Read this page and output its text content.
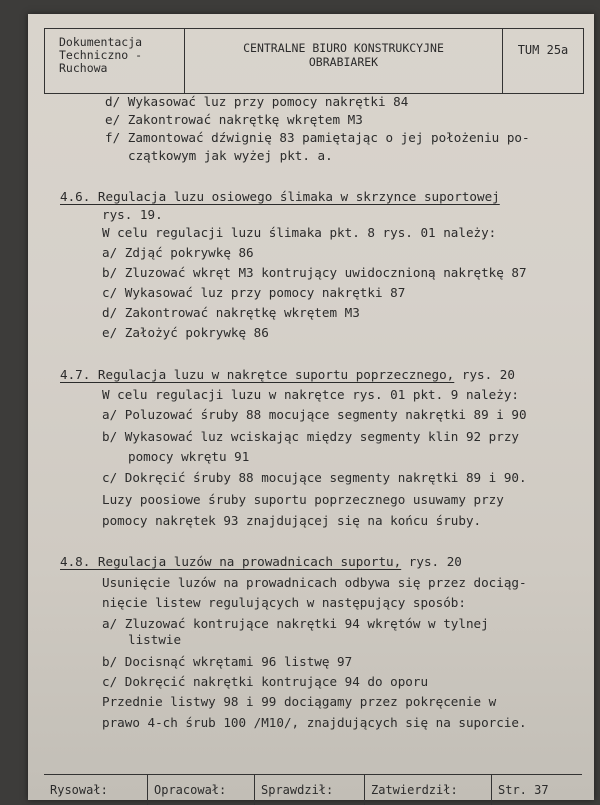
Dokumentacja
Techniczno -
Ruchowa
CENTRALNE BIURO KONSTRUKCYJNE
OBRABIAREK
TUM 25a
d/ Wykasować luz przy pomocy nakrętki 84
e/ Zakontrować nakrętkę wkrętem M3
f/ Zamontować dźwignię 83 pamiętając o jej położeniu po-
czątkowym jak wyżej pkt. a.
4.6. Regulacja luzu osiowego ślimaka w skrzynce suportowej
rys. 19.
W celu regulacji luzu ślimaka pkt. 8 rys. 01 należy:
a/ Zdjąć pokrywkę 86
b/ Zluzować wkręt M3 kontrujący uwidocznioną nakrętkę 87
c/ Wykasować luz przy pomocy nakrętki 87
d/ Zakontrować nakrętkę wkrętem M3
e/ Założyć pokrywkę 86
4.7. Regulacja luzu w nakrętce suportu poprzecznego, rys. 20
W celu regulacji luzu w nakrętce rys. 01 pkt. 9 należy:
a/ Poluzować śruby 88 mocujące segmenty nakrętki 89 i 90
b/ Wykasować luz wciskając między segmenty klin 92 przy
pomocy wkrętu 91
c/ Dokręcić śruby 88 mocujące segmenty nakrętki 89 i 90.
Luzy poosiowe śruby suportu poprzecznego usuwamy przy
pomocy nakrętek 93 znajdującej się na końcu śruby.
4.8. Regulacja luzów na prowadnicach suportu, rys. 20
Usunięcie luzów na prowadnicach odbywa się przez dociąg-
nięcie listew regulujących w następujący sposób:
a/ Zluzować kontrujące nakrętki 94 wkrętów w tylnej
listwie
b/ Docisnąć wkrętami 96 listwę 97
c/ Dokręcić nakrętki kontrujące 94 do oporu
Przednie listwy 98 i 99 dociągamy przez pokręcenie w
prawo 4-ch śrub 100 /M10/, znajdujących się na suporcie.
Rysował:	Opracował:	Sprawdził:	Zatwierdził:	Str. 37
